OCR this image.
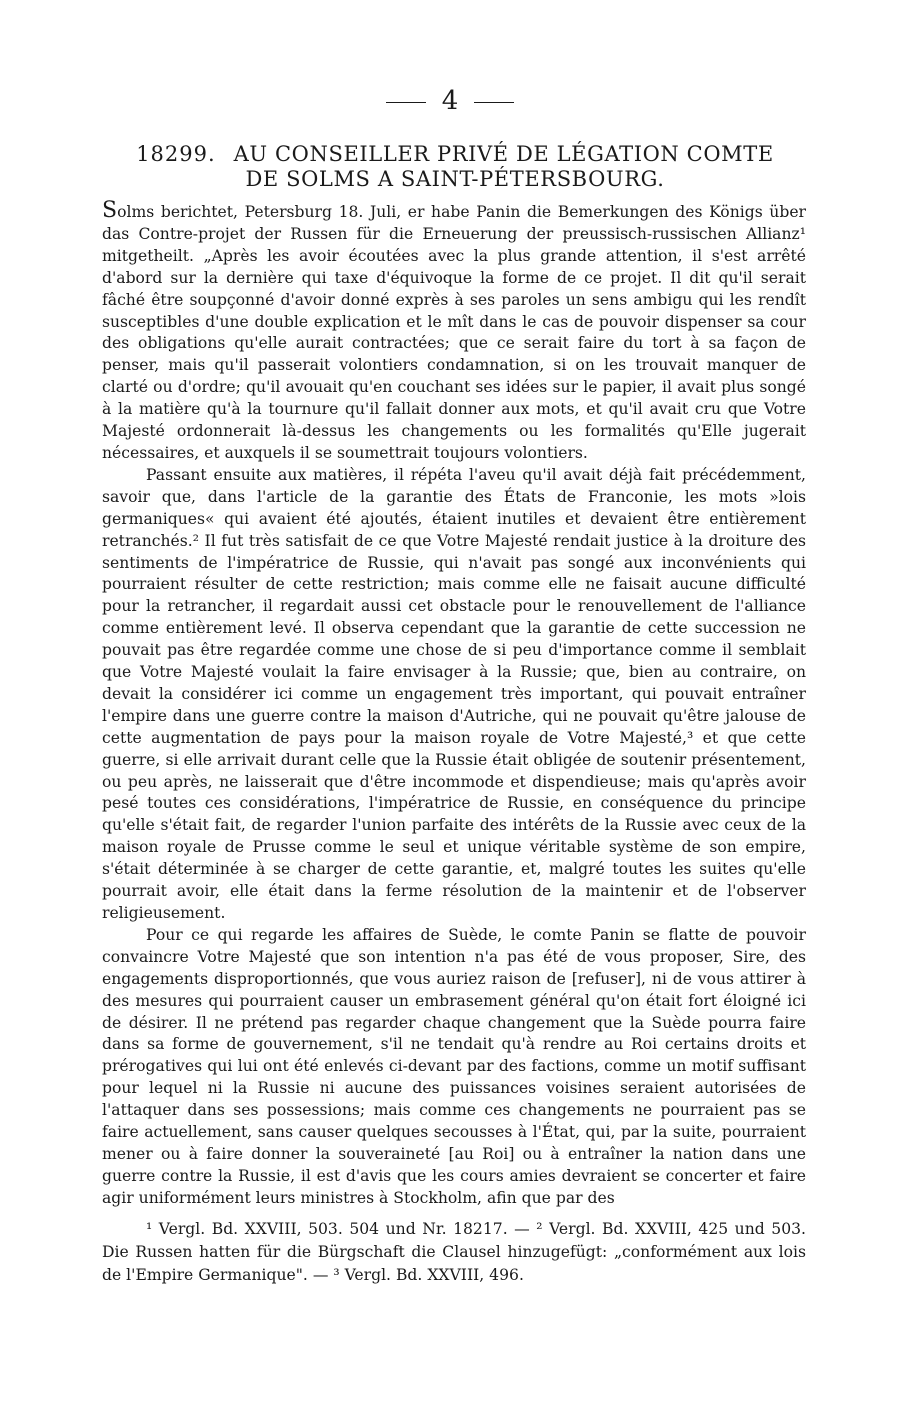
4
18299. AU CONSEILLER PRIVÉ DE LÉGATION COMTE
DE SOLMS A SAINT-PÉTERSBOURG.

Solms berichtet, Petersburg 18. Juli, er habe Panin die Bemerkungen des Königs über das Contre-projet der Russen für die Erneuerung der preussisch-russischen Allianz¹ mitgetheilt. „Après les avoir écoutées avec la plus grande attention, il s'est arrêté d'abord sur la dernière qui taxe d'équivoque la forme de ce projet. Il dit qu'il serait fâché être soupçonné d'avoir donné exprès à ses paroles un sens ambigu qui les rendît susceptibles d'une double explication et le mît dans le cas de pouvoir dispenser sa cour des obligations qu'elle aurait contractées; que ce serait faire du tort à sa façon de penser, mais qu'il passerait volontiers condamnation, si on les trouvait manquer de clarté ou d'ordre; qu'il avouait qu'en couchant ses idées sur le papier, il avait plus songé à la matière qu'à la tournure qu'il fallait donner aux mots, et qu'il avait cru que Votre Majesté ordonnerait là-dessus les changements ou les formalités qu'Elle jugerait nécessaires, et auxquels il se soumettrait toujours volontiers.

Passant ensuite aux matières, il répéta l'aveu qu'il avait déjà fait précédemment, savoir que, dans l'article de la garantie des États de Franconie, les mots »lois germaniques« qui avaient été ajoutés, étaient inutiles et devaient être entièrement retranchés.² Il fut très satisfait de ce que Votre Majesté rendait justice à la droiture des sentiments de l'impératrice de Russie, qui n'avait pas songé aux inconvénients qui pourraient résulter de cette restriction; mais comme elle ne faisait aucune difficulté pour la retrancher, il regardait aussi cet obstacle pour le renouvellement de l'alliance comme entièrement levé. Il observa cependant que la garantie de cette succession ne pouvait pas être regardée comme une chose de si peu d'importance comme il semblait que Votre Majesté voulait la faire envisager à la Russie; que, bien au contraire, on devait la considérer ici comme un engagement très important, qui pouvait entraîner l'empire dans une guerre contre la maison d'Autriche, qui ne pouvait qu'être jalouse de cette augmentation de pays pour la maison royale de Votre Majesté,³ et que cette guerre, si elle arrivait durant celle que la Russie était obligée de soutenir présentement, ou peu après, ne laisserait que d'être incommode et dispendieuse; mais qu'après avoir pesé toutes ces considérations, l'impératrice de Russie, en conséquence du principe qu'elle s'était fait, de regarder l'union parfaite des intérêts de la Russie avec ceux de la maison royale de Prusse comme le seul et unique véritable système de son empire, s'était déterminée à se charger de cette garantie, et, malgré toutes les suites qu'elle pourrait avoir, elle était dans la ferme résolution de la maintenir et de l'observer religieusement.

Pour ce qui regarde les affaires de Suède, le comte Panin se flatte de pouvoir convaincre Votre Majesté que son intention n'a pas été de vous proposer, Sire, des engagements disproportionnés, que vous auriez raison de [refuser], ni de vous attirer à des mesures qui pourraient causer un embrasement général qu'on était fort éloigné ici de désirer. Il ne prétend pas regarder chaque changement que la Suède pourra faire dans sa forme de gouvernement, s'il ne tendait qu'à rendre au Roi certains droits et prérogatives qui lui ont été enlevés ci-devant par des factions, comme un motif suffisant pour lequel ni la Russie ni aucune des puissances voisines seraient autorisées de l'attaquer dans ses possessions; mais comme ces changements ne pourraient pas se faire actuellement, sans causer quelques secousses à l'État, qui, par la suite, pourraient mener ou à faire donner la souveraineté [au Roi] ou à entraîner la nation dans une guerre contre la Russie, il est d'avis que les cours amies devraient se concerter et faire agir uniformément leurs ministres à Stockholm, afin que par des

¹ Vergl. Bd. XXVIII, 503. 504 und Nr. 18217. — ² Vergl. Bd. XXVIII, 425 und 503. Die Russen hatten für die Bürgschaft die Clausel hinzugefügt: „conformément aux lois de l'Empire Germanique". — ³ Vergl. Bd. XXVIII, 496.
